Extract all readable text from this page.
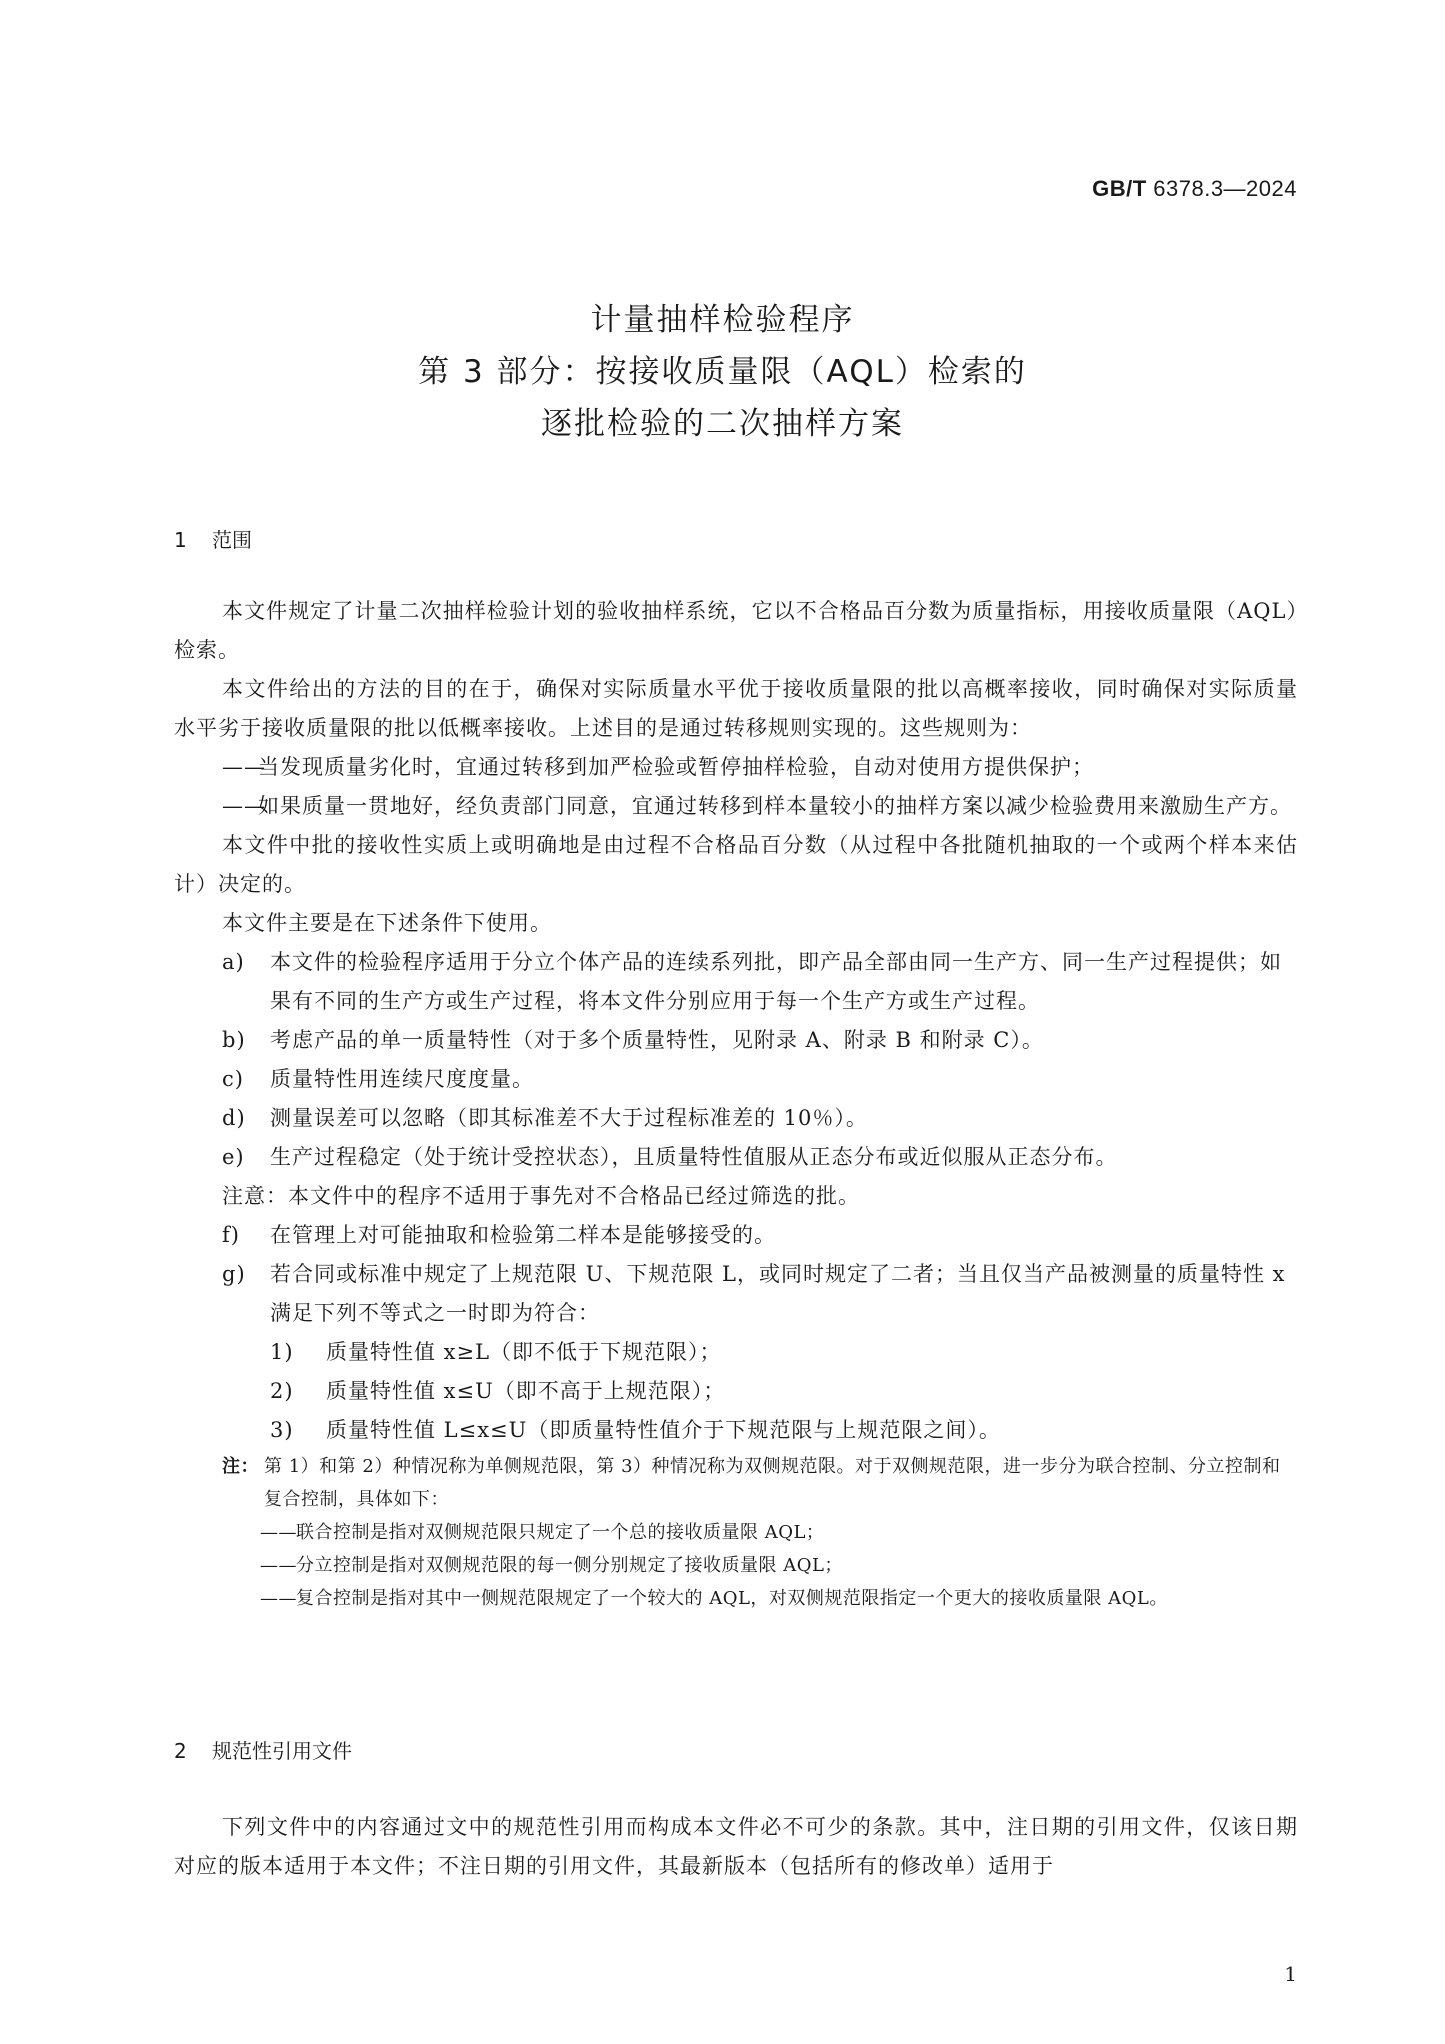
GB/T 6378.3—2024
计量抽样检验程序
第 3 部分：按接收质量限（AQL）检索的
逐批检验的二次抽样方案
1 范围

本文件规定了计量二次抽样检验计划的验收抽样系统，它以不合格品百分数为质量指标，用接收质量限（AQL）检索。

本文件给出的方法的目的在于，确保对实际质量水平优于接收质量限的批以高概率接收，同时确保对实际质量水平劣于接收质量限的批以低概率接收。上述目的是通过转移规则实现的。这些规则为：

——
当发现质量劣化时，宜通过转移到加严检验或暂停抽样检验，自动对使用方提供保护；
——
如果质量一贯地好，经负责部门同意，宜通过转移到样本量较小的抽样方案以减少检验费用来激励生产方。

本文件中批的接收性实质上或明确地是由过程不合格品百分数（从过程中各批随机抽取的一个或两个样本来估计）决定的。

本文件主要是在下述条件下使用。

a) 本文件的检验程序适用于分立个体产品的连续系列批，即产品全部由同一生产方、同一生产过程提供；如果有不同的生产方或生产过程，将本文件分别应用于每一个生产方或生产过程。
b) 考虑产品的单一质量特性（对于多个质量特性，见附录 A、附录 B 和附录 C）。
c) 质量特性用连续尺度度量。
d) 测量误差可以忽略（即其标准差不大于过程标准差的 10％）。
e) 生产过程稳定（处于统计受控状态），且质量特性值服从正态分布或近似服从正态分布。
注意：本文件中的程序不适用于事先对不合格品已经过筛选的批。
f) 在管理上对可能抽取和检验第二样本是能够接受的。
g) 若合同或标准中规定了上规范限 U、下规范限 L，或同时规定了二者；当且仅当产品被测量的质量特性 x 满足下列不等式之一时即为符合：
1) 质量特性值 x≥L（即不低于下规范限）；
2) 质量特性值 x≤U（即不高于上规范限）；
3) 质量特性值 L≤x≤U（即质量特性值介于下规范限与上规范限之间）。
注： 第 1）和第 2）种情况称为单侧规范限，第 3）种情况称为双侧规范限。对于双侧规范限，进一步分为联合控制、分立控制和复合控制，具体如下：
—— 联合控制是指对双侧规范限只规定了一个总的接收质量限 AQL；
—— 分立控制是指对双侧规范限的每一侧分别规定了接收质量限 AQL；
—— 复合控制是指对其中一侧规范限规定了一个较大的 AQL，对双侧规范限指定一个更大的接收质量限 AQL。
2 规范性引用文件

下列文件中的内容通过文中的规范性引用而构成本文件必不可少的条款。其中，注日期的引用文件，仅该日期对应的版本适用于本文件；不注日期的引用文件，其最新版本（包括所有的修改单）适用于

1
